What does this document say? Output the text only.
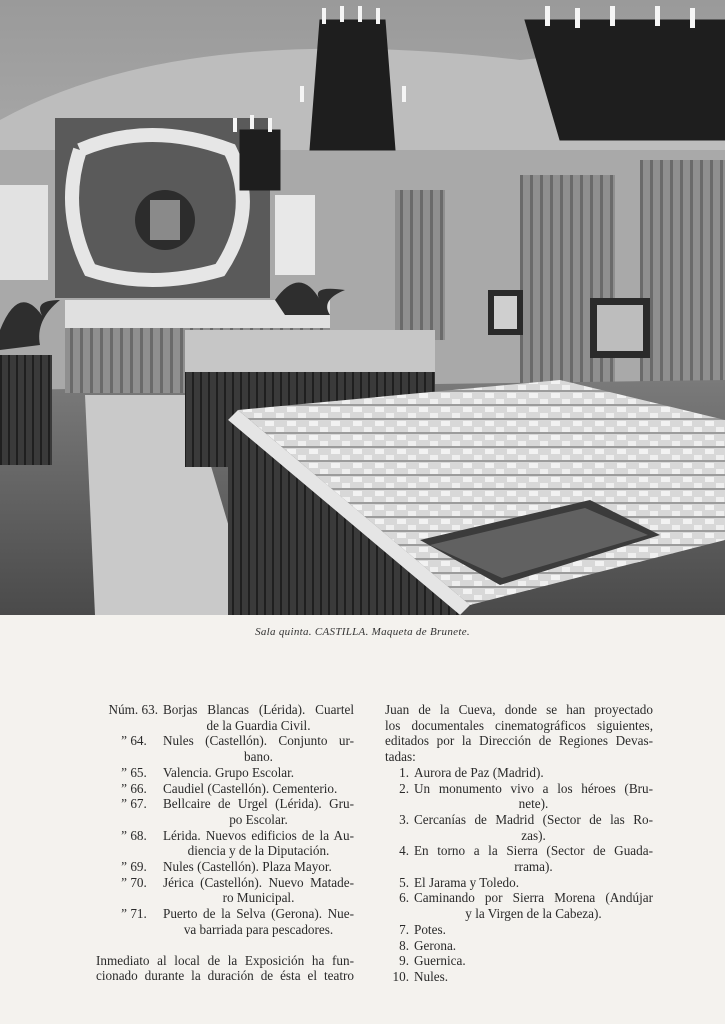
Sala quinta. CASTILLA. Maqueta de Brunete.
Núm. 63. Borjas Blancas (Lérida). Cuartel
de la Guardia Civil.
” 64.	Nules (Castellón). Conjunto ur-
bano.
” 65.	Valencia. Grupo Escolar.
” 66.	Caudiel (Castellón). Cementerio.
” 67.	Bellcaire de Urgel (Lérida). Gru-
po Escolar.
” 68.	Lérida. Nuevos edificios de la Au-
diencia y de la Diputación.
” 69.	Nules (Castellón). Plaza Mayor.
” 70.	Jérica (Castellón). Nuevo Matade-
ro Municipal.
” 71.	Puerto de la Selva (Gerona). Nue-
va barriada para pescadores.
Inmediato al local de la Exposición ha fun-
cionado durante la duración de ésta el teatro
Juan de la Cueva, donde se han proyectado
los documentales cinematográficos siguientes,
editados por la Dirección de Regiones Devas-
tadas:
1. Aurora de Paz (Madrid).
2. Un monumento vivo a los héroes (Bru-
nete).
3. Cercanías de Madrid (Sector de las Ro-
zas).
4. En torno a la Sierra (Sector de Guada-
rrama).
5. El Jarama y Toledo.
6. Caminando por Sierra Morena (Andújar
y la Virgen de la Cabeza).
7. Potes.
8. Gerona.
9. Guernica.
10. Nules.
